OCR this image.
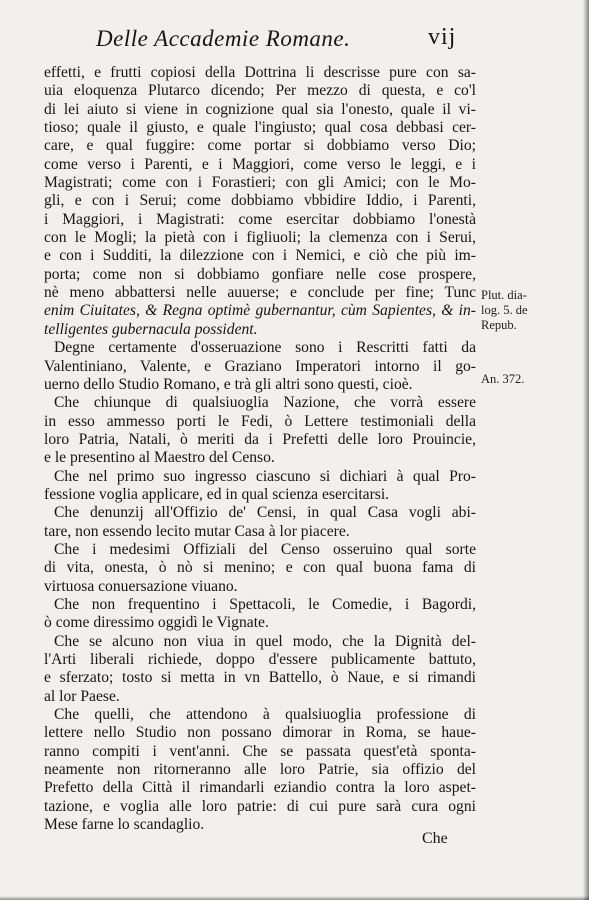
Delle Accademie Romane.	vij
effetti, e frutti copiosi della Dottrina li descrisse pure con sa-
uia eloquenza Plutarco dicendo; Per mezzo di questa, e co'l
di lei aiuto si viene in cognizione qual sia l'onesto, quale il vi-
tioso; quale il giusto, e quale l'ingiusto; qual cosa debbasi cer-
care, e qual fuggire: come portar si dobbiamo verso Dio;
come verso i Parenti, e i Maggiori, come verso le leggi, e i
Magistrati; come con i Forastieri; con gli Amici; con le Mo-
gli, e con i Serui; come dobbiamo vbbidire Iddio, i Parenti,
i Maggiori, i Magistrati: come esercitar dobbiamo l'onestà
con le Mogli; la pietà con i figliuoli; la clemenza con i Serui,
e con i Sudditi, la dilezzione con i Nemici, e ciò che più im-
porta; come non si dobbiamo gonfiare nelle cose prospere,
nè meno abbattersi nelle auuerse; e conclude per fine; Tunc
enim Ciuitates, & Regna optimè gubernantur, cùm Sapientes, & in-
telligentes gubernacula possident.
Degne certamente d'osseruazione sono i Rescritti fatti da
Valentiniano, Valente, e Graziano Imperatori intorno il go-
uerno dello Studio Romano, e trà gli altri sono questi, cioè.
Che chiunque di qualsiuoglia Nazione, che vorrà essere
in esso ammesso porti le Fedi, ò Lettere testimoniali della
loro Patria, Natali, ò meriti da i Prefetti delle loro Prouincie,
e le presentino al Maestro del Censo.
Che nel primo suo ingresso ciascuno si dichiari à qual Pro-
fessione voglia applicare, ed in qual scienza esercitarsi.
Che denunzij all'Offizio de' Censi, in qual Casa vogli abi-
tare, non essendo lecito mutar Casa à lor piacere.
Che i medesimi Offiziali del Censo osseruino qual sorte
di vita, onesta, ò nò si menino; e con qual buona fama di
virtuosa conuersazione viuano.
Che non frequentino i Spettacoli, le Comedie, i Bagordi,
ò come diressimo oggidì le Vignate.
Che se alcuno non viua in quel modo, che la Dignità del-
l'Arti liberali richiede, doppo d'essere publicamente battuto,
e sferzato; tosto si metta in vn Battello, ò Naue, e si rimandi
al lor Paese.
Che quelli, che attendono à qualsiuoglia professione di
lettere nello Studio non possano dimorar in Roma, se haue-
ranno compiti i vent'anni. Che se passata quest'età sponta-
neamente non ritorneranno alle loro Patrie, sia offizio del
Prefetto della Città il rimandarli eziandio contra la loro aspet-
tazione, e voglia alle loro patrie: di cui pure sarà cura ogni
Mese farne lo scandaglio.
Plut. dia-
log. 5. de
Repub.
An. 372.
Che
